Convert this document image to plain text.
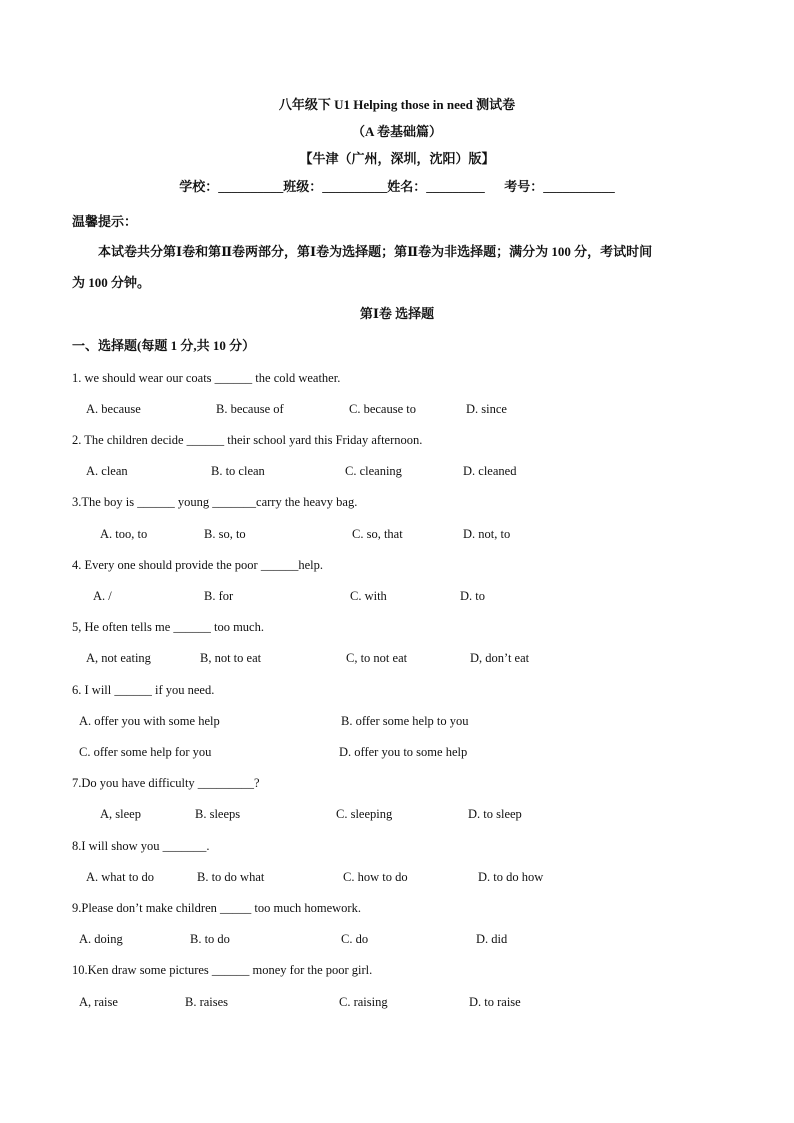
八年级下 U1 Helping those in need 测试卷
（A 卷基础篇）
【牛津（广州，深圳，沈阳）版】
学校：__________班级：__________姓名：_________      考号：___________
温馨提示：
本试卷共分第Ⅰ卷和第Ⅱ卷两部分，第Ⅰ卷为选择题；第Ⅱ卷为非选择题；满分为 100 分，考试时间
为 100 分钟。
第Ⅰ卷 选择题
一、选择题(每题 1 分,共 10 分）
1. we should wear our coats ______ the cold weather.
A. because	B. because of	C. because to	D. since
2. The children decide ______ their school yard this Friday afternoon.
A. clean	B. to clean	C. cleaning	D. cleaned
3.The boy is ______ young _______carry the heavy bag.
A. too, to	B. so, to	C. so, that	D. not, to
4. Every one should provide the poor ______help.
A. /	B. for	C. with	D. to
5, He often tells me ______ too much.
A, not eating	B, not to eat	C, to not eat	D, don’t eat
6. I will ______ if you need.
A. offer you with some help	B. offer some help to you
C. offer some help for you	D. offer you to some help
7.Do you have difficulty _________?
A, sleep	B. sleeps	C. sleeping	D. to sleep
8.I will show you _______.
A. what to do	B. to do what	C. how to do	D. to do how
9.Please don’t make children _____ too much homework.
A. doing	B. to do	C. do	D. did
10.Ken draw some pictures ______ money for the poor girl.
A, raise	B. raises	C. raising	D. to raise
